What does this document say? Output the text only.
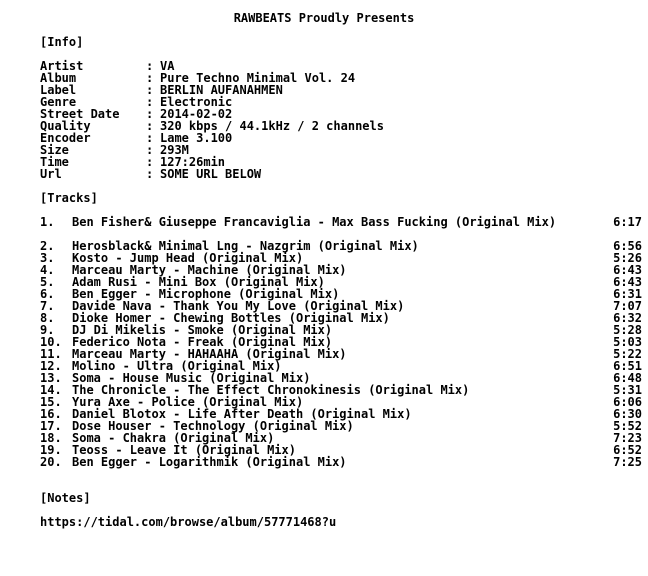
RAWBEATS Proudly Presents
[Info]
Artist	: VA
Album	: Pure Techno Minimal Vol. 24
Label	: BERLIN AUFANAHMEN
Genre	: Electronic
Street Date : 2014-02-02
Quality	: 320 kbps / 44.1kHz / 2 channels
Encoder	: Lame 3.100
Size	: 293M
Time	: 127:26min
Url	: SOME URL BELOW
[Tracks]
1. Ben Fisher& Giuseppe Francaviglia - Max Bass Fucking (Original Mix)	6:17
2. Herosblack& Minimal Lng - Nazgrim (Original Mix)	6:56
3. Kosto - Jump Head (Original Mix)	5:26
4. Marceau Marty - Machine (Original Mix)	6:43
5. Adam Rusi - Mini Box (Original Mix)	6:43
6. Ben Egger - Microphone (Original Mix)	6:31
7. Davide Nava - Thank You My Love (Original Mix)	7:07
8. Dioke Homer - Chewing Bottles (Original Mix)	6:32
9. DJ Di Mikelis - Smoke (Original Mix)	5:28
10. Federico Nota - Freak (Original Mix)	5:03
11. Marceau Marty - HAHAAHA (Original Mix)	5:22
12. Molino - Ultra (Original Mix)	6:51
13. Soma - House Music (Original Mix)	6:48
14. The Chronicle - The Effect Chronokinesis (Original Mix)	5:31
15. Yura Axe - Police (Original Mix)	6:06
16. Daniel Blotox - Life After Death (Original Mix)	6:30
17. Dose Houser - Technology (Original Mix)	5:52
18. Soma - Chakra (Original Mix)	7:23
19. Teoss - Leave It (Original Mix)	6:52
20. Ben Egger - Logarithmik (Original Mix)	7:25
[Notes]
https://tidal.com/browse/album/57771468?u
